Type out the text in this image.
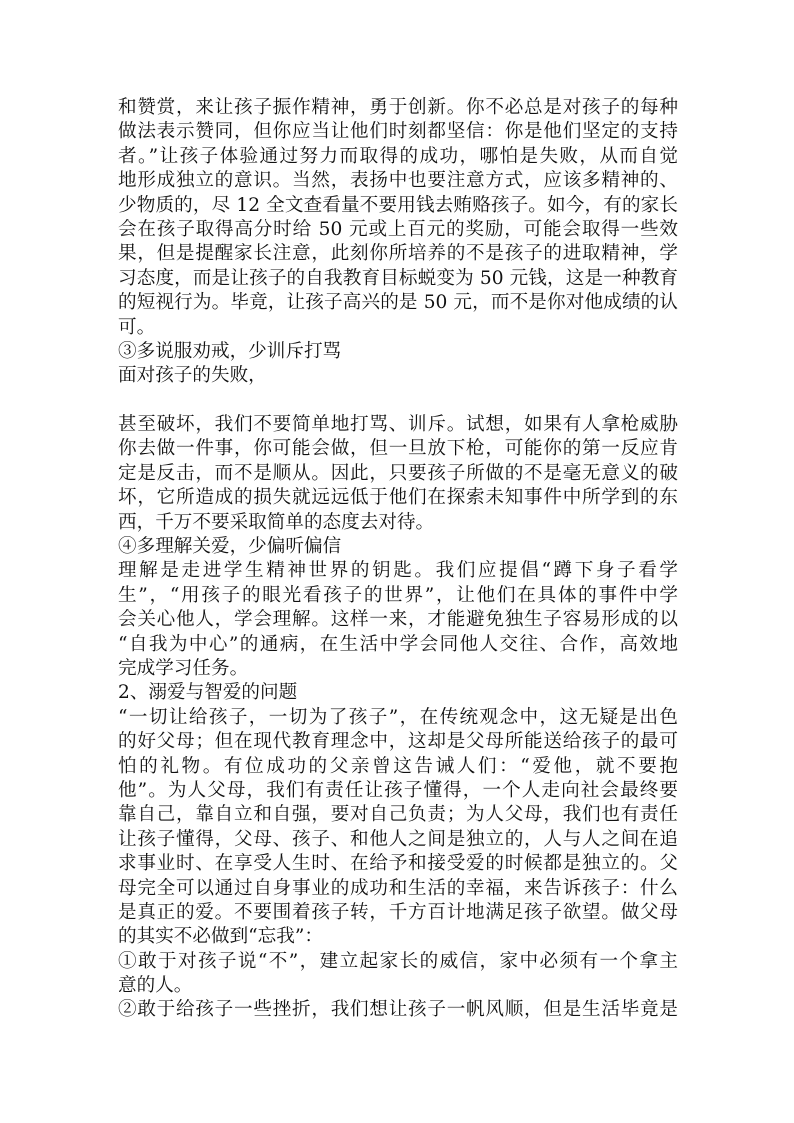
和赞赏，来让孩子振作精神，勇于创新。你不必总是对孩子的每种
做法表示赞同，但你应当让他们时刻都坚信：你是他们坚定的支持
者。”让孩子体验通过努力而取得的成功，哪怕是失败，从而自觉
地形成独立的意识。当然，表扬中也要注意方式，应该多精神的、
少物质的，尽 12 全文查看量不要用钱去贿赂孩子。如今，有的家长
会在孩子取得高分时给 50 元或上百元的奖励，可能会取得一些效
果，但是提醒家长注意，此刻你所培养的不是孩子的进取精神，学
习态度，而是让孩子的自我教育目标蜕变为 50 元钱，这是一种教育
的短视行为。毕竟，让孩子高兴的是 50 元，而不是你对他成绩的认
可。
③多说服劝戒，少训斥打骂
面对孩子的失败，
甚至破坏，我们不要简单地打骂、训斥。试想，如果有人拿枪威胁
你去做一件事，你可能会做，但一旦放下枪，可能你的第一反应肯
定是反击，而不是顺从。因此，只要孩子所做的不是毫无意义的破
坏，它所造成的损失就远远低于他们在探索未知事件中所学到的东
西，千万不要采取简单的态度去对待。
④多理解关爱，少偏听偏信
理解是走进学生精神世界的钥匙。我们应提倡“蹲下身子看学
生”，“用孩子的眼光看孩子的世界”，让他们在具体的事件中学
会关心他人，学会理解。这样一来，才能避免独生子容易形成的以
“自我为中心”的通病，在生活中学会同他人交往、合作，高效地
完成学习任务。
2、溺爱与智爱的问题
“一切让给孩子，一切为了孩子”，在传统观念中，这无疑是出色
的好父母；但在现代教育理念中，这却是父母所能送给孩子的最可
怕的礼物。有位成功的父亲曾这告诫人们：“爱他，就不要抱
他”。为人父母，我们有责任让孩子懂得，一个人走向社会最终要
靠自己，靠自立和自强，要对自己负责；为人父母，我们也有责任
让孩子懂得，父母、孩子、和他人之间是独立的，人与人之间在追
求事业时、在享受人生时、在给予和接受爱的时候都是独立的。父
母完全可以通过自身事业的成功和生活的幸福，来告诉孩子：什么
是真正的爱。不要围着孩子转，千方百计地满足孩子欲望。做父母
的其实不必做到“忘我”：
①敢于对孩子说“不”，建立起家长的威信，家中必须有一个拿主
意的人。
②敢于给孩子一些挫折，我们想让孩子一帆风顺，但是生活毕竟是
